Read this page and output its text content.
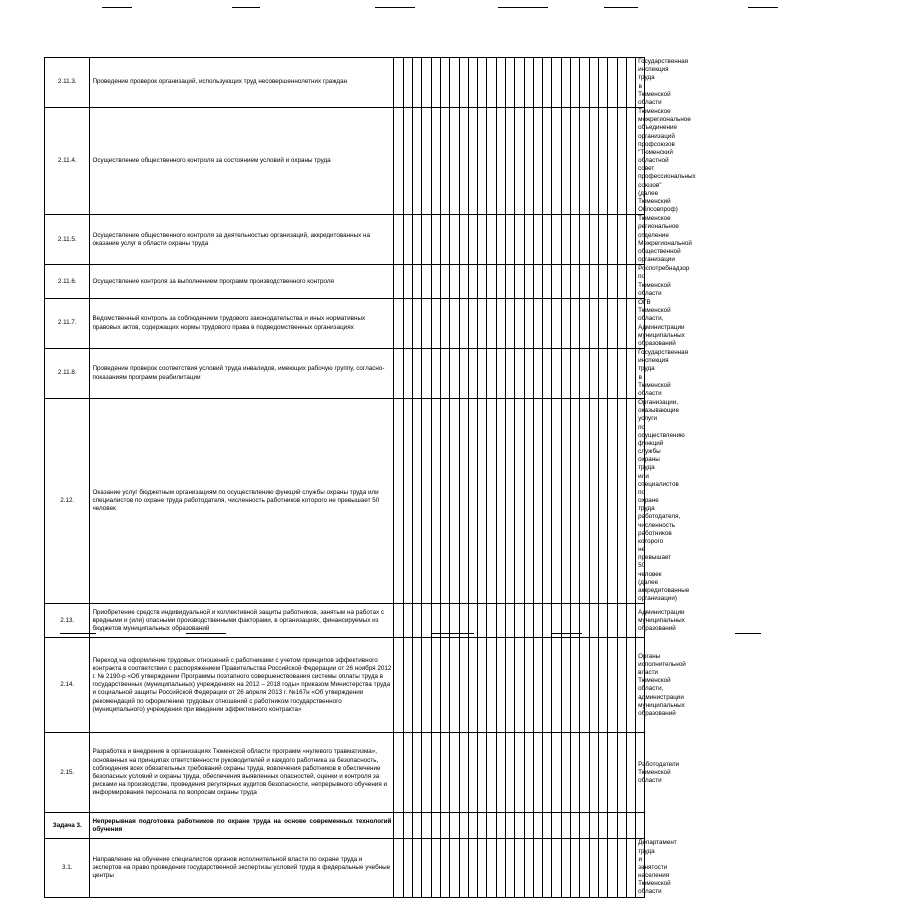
2.11.3.	Проведение проверок организаций, использующих труд несовершеннолетних граждан																											Государственная инспекция труда в Тюменской области
2.11.4.	Осуществление общественного контроля за состоянием условий и охраны труда																											Тюменское межрегиональное объединение организаций профсоюзов "Тюменский областной совет профессиональных союзов" (далее Тюменский Облсовпроф)
2.11.5.	Осуществление общественного контроля за деятельностью организаций, аккредитованных на оказание услуг в области охраны труда																											Тюменское региональное отделение Межрегиональной общественной организации
2.11.6.	Осуществление контроля за выполнением программ производственного контроля																											Роспотребнадзор по Тюменской области
2.11.7.	Ведомственный контроль за соблюдением трудового законодательства и иных нормативных правовых актов, содержащих нормы трудового права в подведомственных организациях																											ОГВ Тюменской области, Администрации муниципальных образований
2.11.8.	Проведение проверок соответствия условий труда инвалидов, имеющих рабочую группу, согласно-показаниям программ реабилитации																											Государственная инспекция труда в Тюменской области
2.12.	Оказание услуг бюджетным организациям по осуществлению функций службы охраны труда или специалистов по охране труда работодателя, численность работников которого не превышает 50 человек																											Организации, оказывающие услуги по осуществлению функций службы охраны труда или специалистов по охране труда работодателя, численность работников которого не превышает 50 человек (далее аккредитованные организации)
2.13.	Приобретение средств индивидуальной и коллективной защиты работников, занятым на работах с вредными и (или) опасными производственными факторами, в организациях, финансируемых из бюджетов муниципальных образований																											Администрации муниципальных образований
2.14.	Переход на оформление трудовых отношений с работниками с учетом принципов эффективного контракта в соответствии с распоряжением Правительства Российской Федерации от 26 ноября 2012 г. № 2190-р «Об утверждении Программы поэтапного совершенствования системы оплаты труда в государственных (муниципальных) учреждениях на 2012 – 2018 годы» приказом Министерства труда и социальной защиты Российской Федерации от 26 апреля 2013 г. №167н «Об утверждении рекомендаций по оформлению трудовых отношений с работником государственного (муниципального) учреждения при введении эффективного контракта»																											Органы исполнительной власти Тюменской области, администрации муниципальных образований
2.15.	Разработка и внедрение в организациях Тюменской области программ «нулевого травматизма», основанных на принципах ответственности руководителей и каждого работника за безопасность, соблюдения всех обязательных требований охраны труда, вовлечения работников в обеспечение безопасных условий и охраны труда, обеспечения выявленных опасностей, оценки и контроля за рисками на производстве, проведения регулярных аудитов безопасности, непрерывного обучения и информирования персонала по вопросам охраны труда																											Работодатели Тюменской области
Задача 3.	Непрерывная подготовка работников по охране труда на основе современных технологий обучения																											
3.1.	Направление на обучение специалистов органов исполнительной власти по охране труда и экспертов на право проведения государственной экспертизы условий труда в федеральные учебные центры																											Департамент труда и занятости населения Тюменской области
